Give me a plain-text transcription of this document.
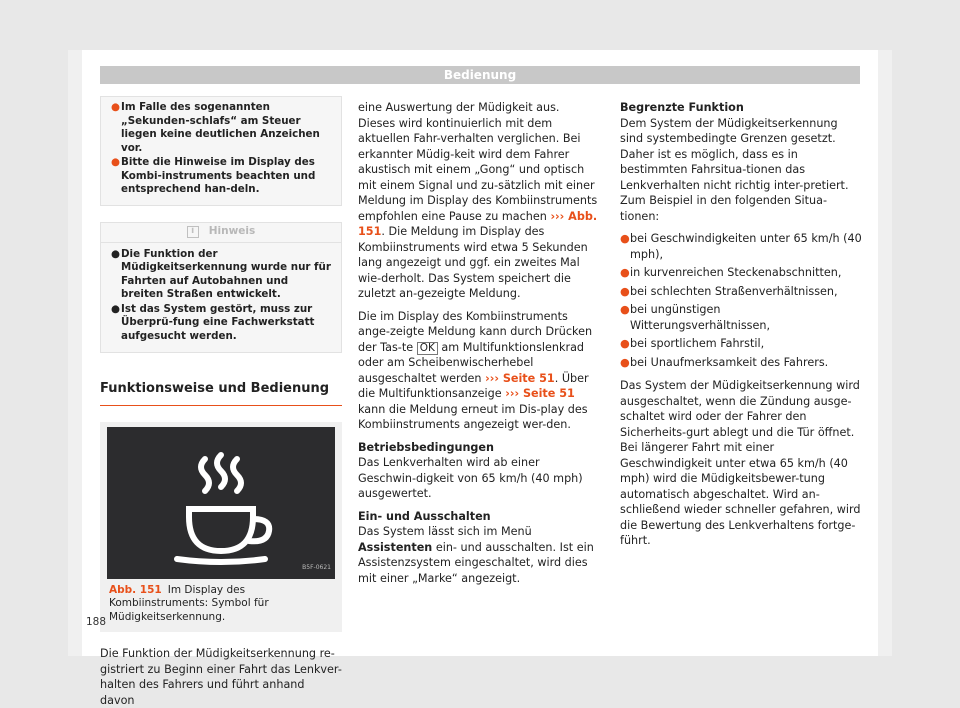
Bedienung
● Im Falle des sogenannten „Sekunden-schlafs“ am Steuer liegen keine deutlichen Anzeichen vor.
● Bitte die Hinweise im Display des Kombi-instruments beachten und entsprechend han-deln.
i	Hinweis
● Die Funktion der Müdigkeitserkennung wurde nur für Fahrten auf Autobahnen und breiten Straßen entwickelt.
● Ist das System gestört, muss zur Überprü-fung eine Fachwerkstatt aufgesucht werden.
Funktionsweise und Bedienung
B5F-0621
Abb. 151 Im Display des Kombiinstruments: Symbol für Müdigkeitserkennung.
Die Funktion der Müdigkeitserkennung re-gistriert zu Beginn einer Fahrt das Lenkver-halten des Fahrers und führt anhand davon
eine Auswertung der Müdigkeit aus. Dieses wird kontinuierlich mit dem aktuellen Fahr-verhalten verglichen. Bei erkannter Müdig-keit wird dem Fahrer akustisch mit einem „Gong“ und optisch mit einem Signal und zu-sätzlich mit einer Meldung im Display des Kombiinstruments empfohlen eine Pause zu machen ››› Abb. 151. Die Meldung im Display des Kombiinstruments wird etwa 5 Sekunden lang angezeigt und ggf. ein zweites Mal wie-derholt. Das System speichert die zuletzt an-gezeigte Meldung.
Die im Display des Kombiinstruments ange-zeigte Meldung kann durch Drücken der Tas-te OK am Multifunktionslenkrad oder am Scheibenwischerhebel ausgeschaltet werden ››› Seite 51. Über die Multifunktionsanzeige ››› Seite 51 kann die Meldung erneut im Dis-play des Kombiinstruments angezeigt wer-den.
Betriebsbedingungen
Das Lenkverhalten wird ab einer Geschwin-digkeit von 65 km/h (40 mph) ausgewertet.
Ein- und Ausschalten
Das System lässt sich im Menü Assistenten ein- und ausschalten. Ist ein Assistenzsystem eingeschaltet, wird dies mit einer „Marke“ angezeigt.
Begrenzte Funktion
Dem System der Müdigkeitserkennung sind systembedingte Grenzen gesetzt. Daher ist es möglich, dass es in bestimmten Fahrsitua-tionen das Lenkverhalten nicht richtig inter-pretiert. Zum Beispiel in den folgenden Situa-tionen:
● bei Geschwindigkeiten unter 65 km/h (40 mph),
● in kurvenreichen Steckenabschnitten,
● bei schlechten Straßenverhältnissen,
● bei ungünstigen Witterungsverhältnissen,
● bei sportlichem Fahrstil,
● bei Unaufmerksamkeit des Fahrers.
Das System der Müdigkeitserkennung wird ausgeschaltet, wenn die Zündung ausge-schaltet wird oder der Fahrer den Sicherheits-gurt ablegt und die Tür öffnet. Bei längerer Fahrt mit einer Geschwindigkeit unter etwa 65 km/h (40 mph) wird die Müdigkeitsbewer-tung automatisch abgeschaltet. Wird an-schließend wieder schneller gefahren, wird die Bewertung des Lenkverhaltens fortge-führt.
188
